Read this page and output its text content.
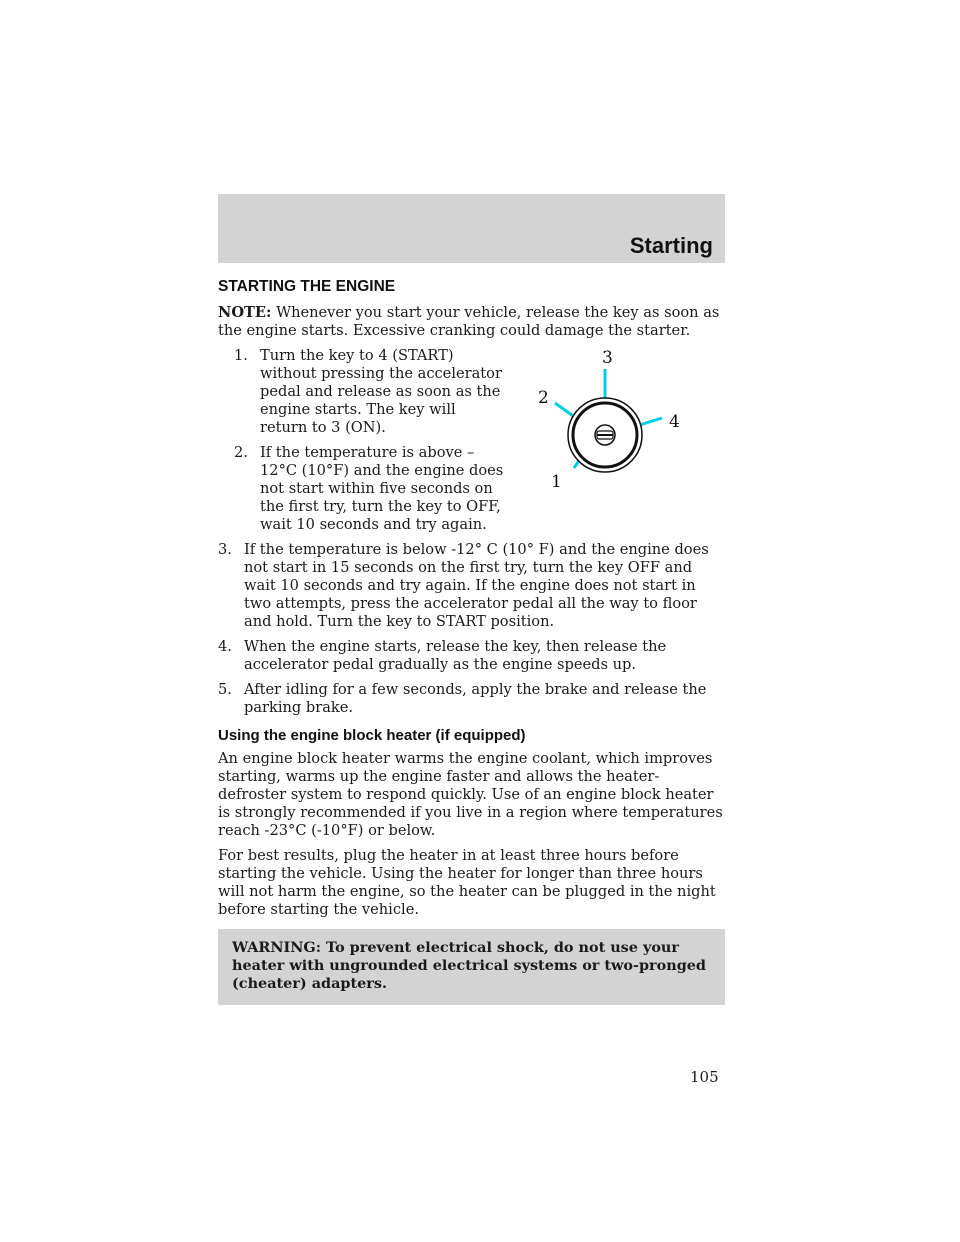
Starting
STARTING THE ENGINE

NOTE: Whenever you start your vehicle, release the key as soon as the engine starts. Excessive cranking could damage the starter.

1. Turn the key to 4 (START) without pressing the accelerator pedal and release as soon as the engine starts. The key will return to 3 (ON).
2. If the temperature is above –12°C (10°F) and the engine does not start within five seconds on the first try, turn the key to OFF, wait 10 seconds and try again.
3. If the temperature is below -12° C (10° F) and the engine does not start in 15 seconds on the first try, turn the key OFF and wait 10 seconds and try again. If the engine does not start in two attempts, press the accelerator pedal all the way to floor and hold. Turn the key to START position.
4. When the engine starts, release the key, then release the accelerator pedal gradually as the engine speeds up.
5. After idling for a few seconds, apply the brake and release the parking brake.
Using the engine block heater (if equipped)

An engine block heater warms the engine coolant, which improves starting, warms up the engine faster and allows the heater-defroster system to respond quickly. Use of an engine block heater is strongly recommended if you live in a region where temperatures reach -23°C (-10°F) or below.

For best results, plug the heater in at least three hours before starting the vehicle. Using the heater for longer than three hours will not harm the engine, so the heater can be plugged in the night before starting the vehicle.

WARNING: To prevent electrical shock, do not use your heater with ungrounded electrical systems or two-pronged (cheater) adapters.
1
2
3
4
105
